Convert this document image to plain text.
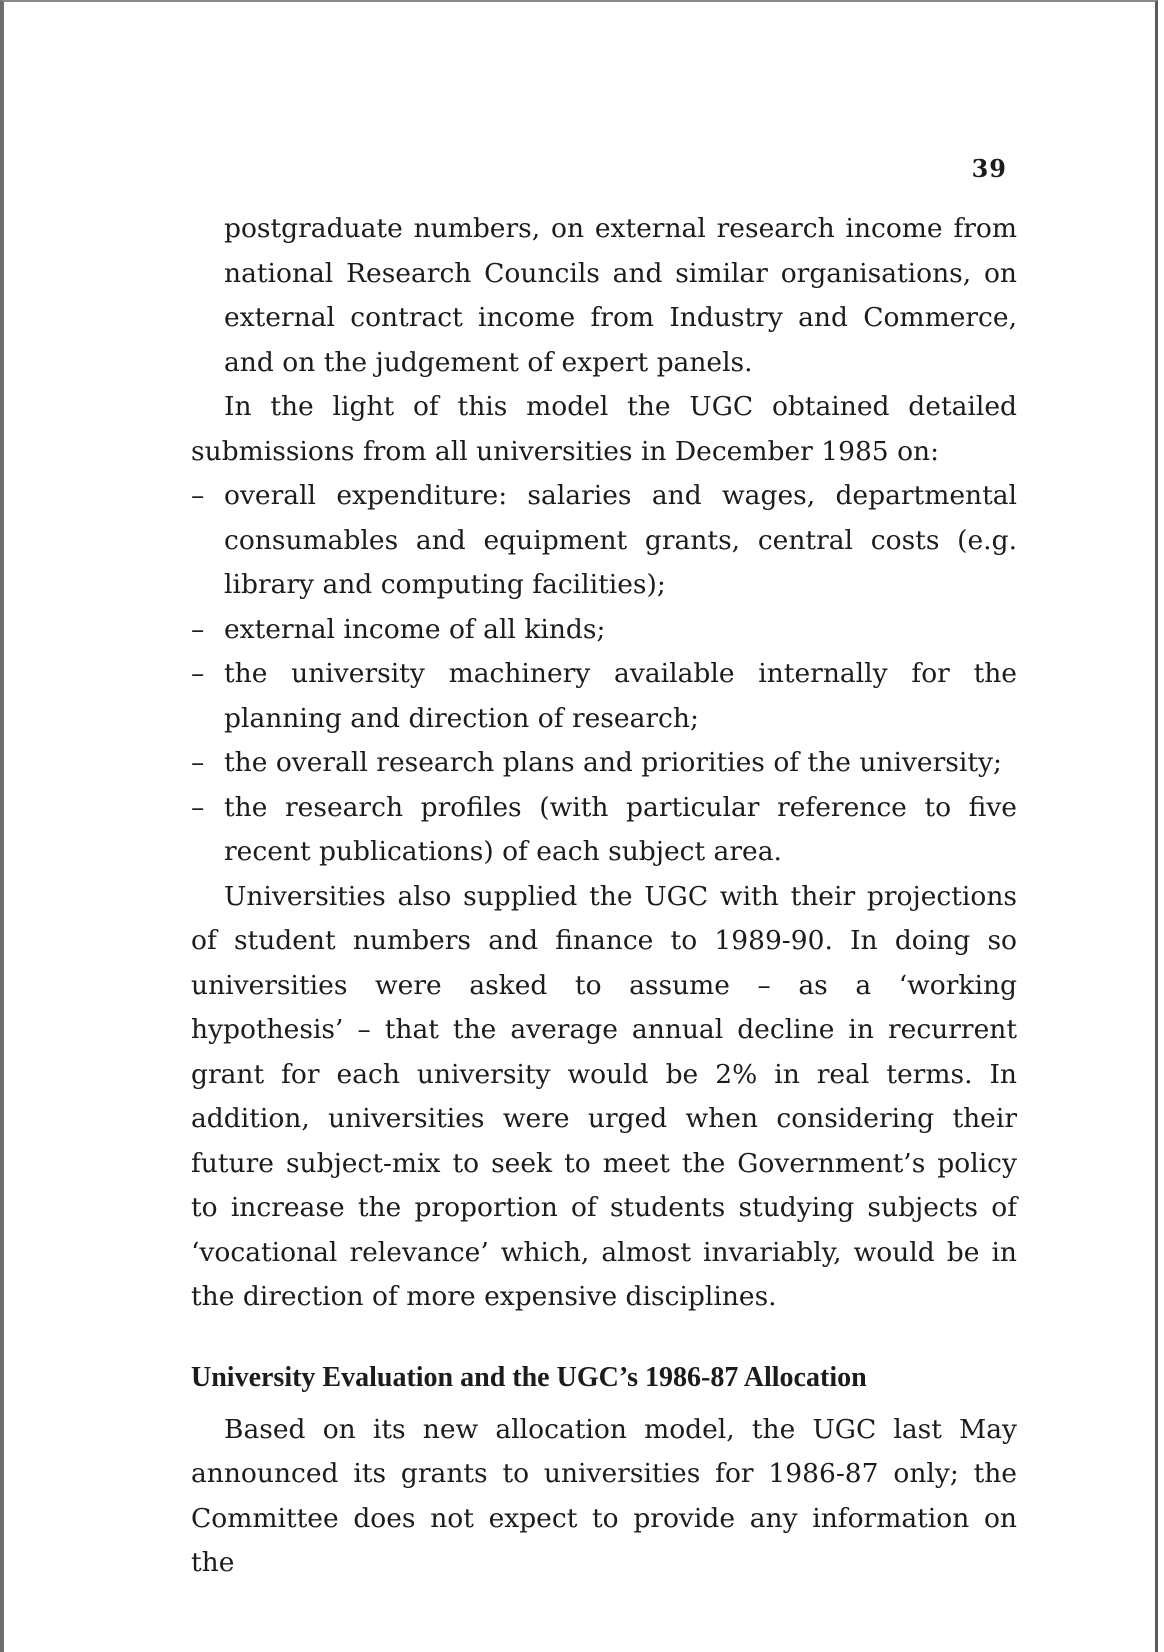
39

postgraduate numbers, on external research income from national Research Councils and similar organisations, on external contract income from Industry and Commerce, and on the judgement of expert panels.

In the light of this model the UGC obtained detailed submissions from all universities in December 1985 on:

– overall expenditure: salaries and wages, departmental consumables and equipment grants, central costs (e.g. library and computing facilities);
– external income of all kinds;
– the university machinery available internally for the planning and direction of research;
– the overall research plans and priorities of the university;
– the research profiles (with particular reference to five recent publications) of each subject area.

Universities also supplied the UGC with their projections of student numbers and finance to 1989-90. In doing so universities were asked to assume – as a ‘working hypothesis’ – that the average annual decline in recurrent grant for each university would be 2% in real terms. In addition, universities were urged when considering their future subject-mix to seek to meet the Government’s policy to increase the proportion of students studying subjects of ‘vocational relevance’ which, almost invariably, would be in the direction of more expensive disciplines.

University Evaluation and the UGC’s 1986-87 Allocation

Based on its new allocation model, the UGC last May announced its grants to universities for 1986-87 only; the Committee does not expect to provide any information on the
